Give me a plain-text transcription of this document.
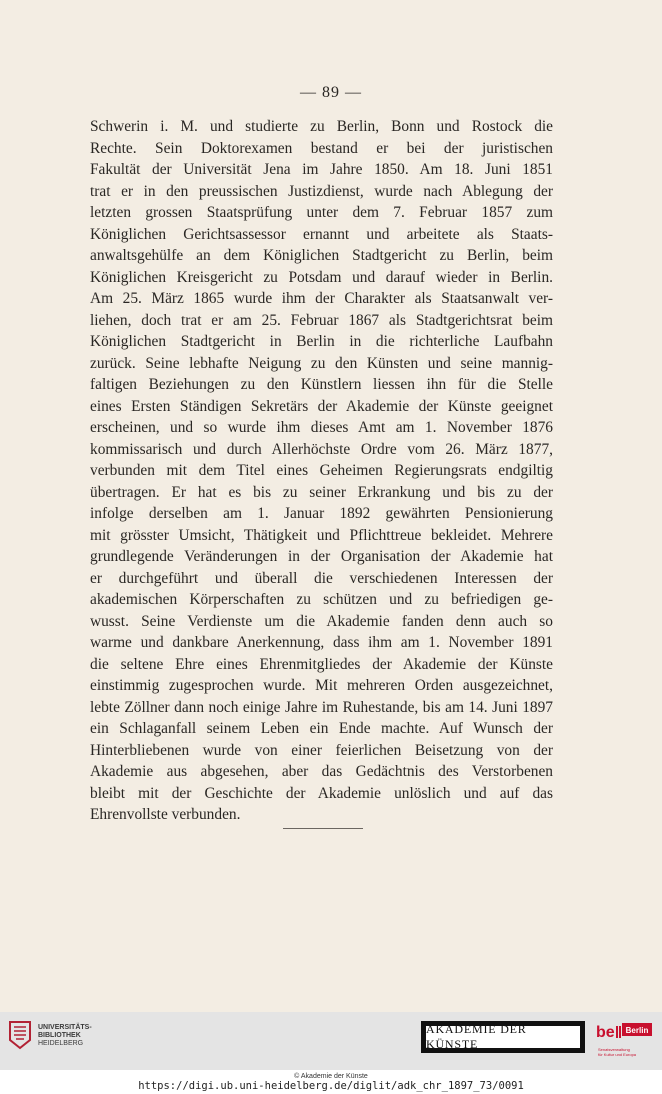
— 89 —
Schwerin i. M. und studierte zu Berlin, Bonn und Rostock die
Rechte. Sein Doktorexamen bestand er bei der juristischen
Fakultät der Universität Jena im Jahre 1850. Am 18. Juni 1851
trat er in den preussischen Justizdienst, wurde nach Ablegung der
letzten grossen Staatsprüfung unter dem 7. Februar 1857 zum
Königlichen Gerichtsassessor ernannt und arbeitete als Staats-
anwaltsgehülfe an dem Königlichen Stadtgericht zu Berlin, beim
Königlichen Kreisgericht zu Potsdam und darauf wieder in Berlin.
Am 25. März 1865 wurde ihm der Charakter als Staatsanwalt ver-
liehen, doch trat er am 25. Februar 1867 als Stadtgerichtsrat beim
Königlichen Stadtgericht in Berlin in die richterliche Laufbahn
zurück. Seine lebhafte Neigung zu den Künsten und seine mannig-
faltigen Beziehungen zu den Künstlern liessen ihn für die Stelle
eines Ersten Ständigen Sekretärs der Akademie der Künste geeignet
erscheinen, und so wurde ihm dieses Amt am 1. November 1876
kommissarisch und durch Allerhöchste Ordre vom 26. März 1877,
verbunden mit dem Titel eines Geheimen Regierungsrats endgiltig
übertragen. Er hat es bis zu seiner Erkrankung und bis zu der
infolge derselben am 1. Januar 1892 gewährten Pensionierung
mit grösster Umsicht, Thätigkeit und Pflichttreue bekleidet. Mehrere
grundlegende Veränderungen in der Organisation der Akademie hat
er durchgeführt und überall die verschiedenen Interessen der
akademischen Körperschaften zu schützen und zu befriedigen ge-
wusst. Seine Verdienste um die Akademie fanden denn auch so
warme und dankbare Anerkennung, dass ihm am 1. November 1891
die seltene Ehre eines Ehrenmitgliedes der Akademie der Künste
einstimmig zugesprochen wurde. Mit mehreren Orden ausgezeichnet,
lebte Zöllner dann noch einige Jahre im Ruhestande, bis am 14. Juni 1897
ein Schlaganfall seinem Leben ein Ende machte. Auf Wunsch der
Hinterbliebenen wurde von einer feierlichen Beisetzung von der
Akademie aus abgesehen, aber das Gedächtnis des Verstorbenen
bleibt mit der Geschichte der Akademie unlöslich und auf das
Ehrenvollste verbunden.
UNIVERSITÄTS-
BIBLIOTHEK
HEIDELBERG
AKADEMIE DER KÜNSTE
be Berlin
Senatsverwaltung
für Kultur und Europa
© Akademie der Künste
https://digi.ub.uni-heidelberg.de/diglit/adk_chr_1897_73/0091
